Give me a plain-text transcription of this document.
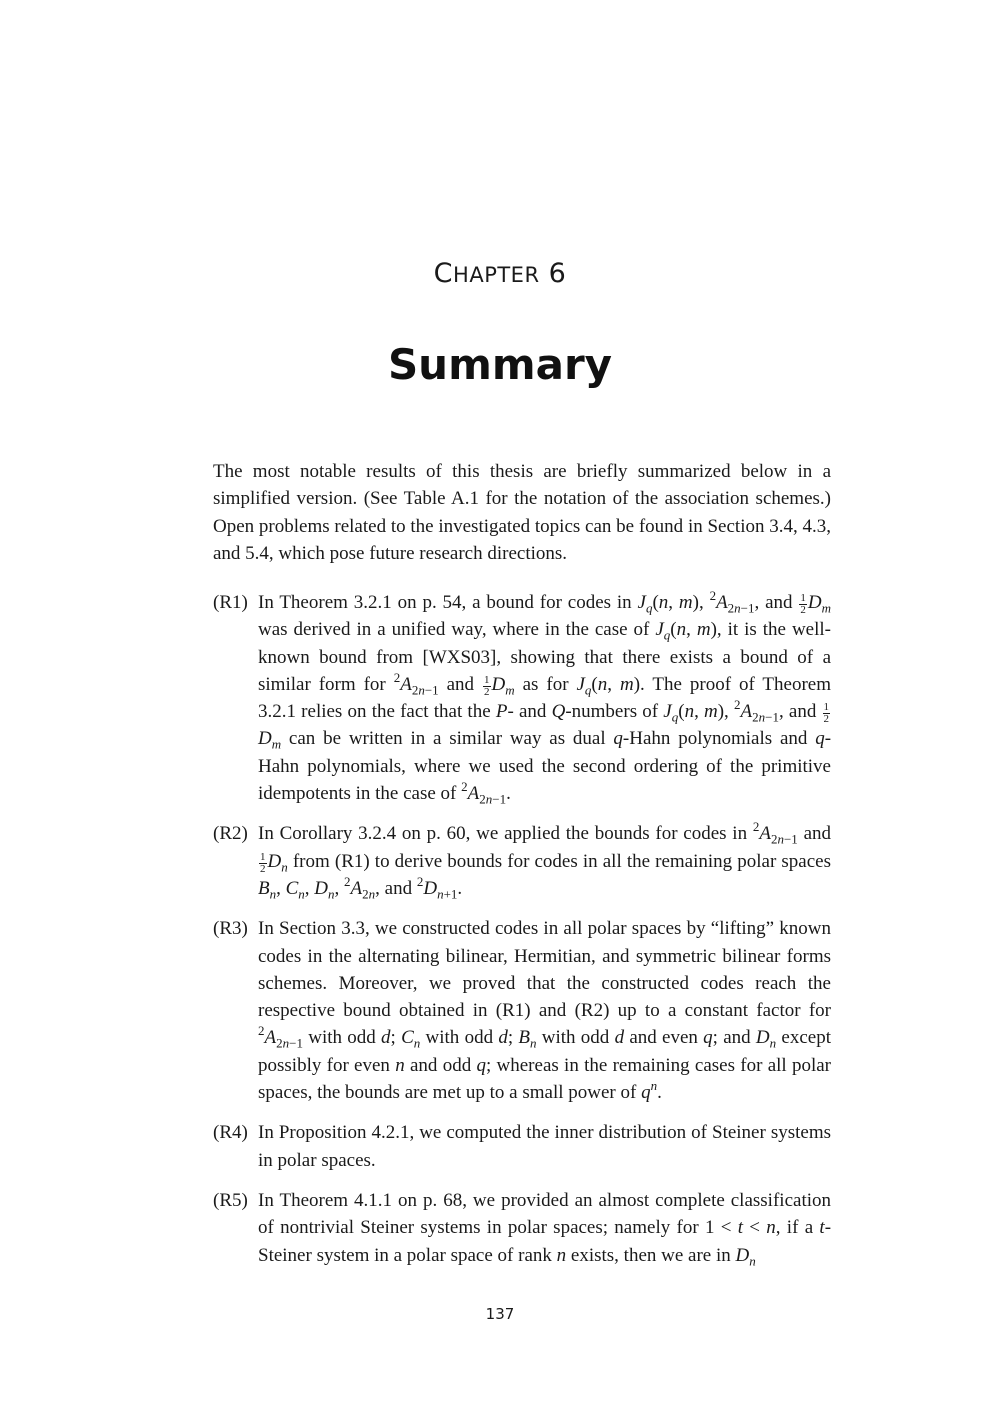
CHAPTER 6
Summary

The most notable results of this thesis are briefly summarized below in a simplified version. (See Table A.1 for the notation of the association schemes.) Open problems related to the investigated topics can be found in Section 3.4, 4.3, and 5.4, which pose future research directions.

(R1) In Theorem 3.2.1 on p. 54, a bound for codes in $J_q(n$, m), $^2A_{2n-1}$, and $\frac{1}{2} D_m$ was derived in a unified way, where in the case of $J_q(n$, m), it is the well-known bound from [WXS03], showing that there exists a bound of a similar form for $^2A_{2n-1}$ and $\frac{1}{2} D_m$ as for $J_q(n$, m). The proof of Theorem 3.2.1 relies on the fact that the P- and Q-numbers of $J_q(n$, m), $^2A_{2n-1}$, and $\frac{1}{2}$
$D_m$ can be written in a similar way as dual q-Hahn polynomials and q-Hahn polynomials, where we used the second ordering of the primitive idempotents in the case of $^2A_{2n-1}$.
(R2) In Corollary 3.2.4 on p. 60, we applied the bounds for codes in $^2A_{2n-1}$ and
$\frac{1}{2} D_n$ from (R1) to derive bounds for codes in all the remaining polar spaces $B_n$, $C_n$, $D_n$, $^2A_{2n}$, and $^2D_{n+1}$.
(R3) In Section 3.3, we constructed codes in all polar spaces by “lifting” known codes in the alternating bilinear, Hermitian, and symmetric bilinear forms schemes. Moreover, we proved that the constructed codes reach the respective bound obtained in (R1) and (R2) up to a constant factor for $^2A_{2n-1}$ with odd d; $C_n$ with odd d; $B_n$ with odd d and even q; and $D_n$ except possibly for even n and odd q; whereas in the remaining cases for all polar spaces, the bounds are met up to a small power of $q^n$.
(R4) In Proposition 4.2.1, we computed the inner distribution of Steiner systems in polar spaces.
(R5) In Theorem 4.1.1 on p. 68, we provided an almost complete classification of nontrivial Steiner systems in polar spaces; namely for 1 < t < n, if a t-Steiner system in a polar space of rank n exists, then we are in $D_n$
137
